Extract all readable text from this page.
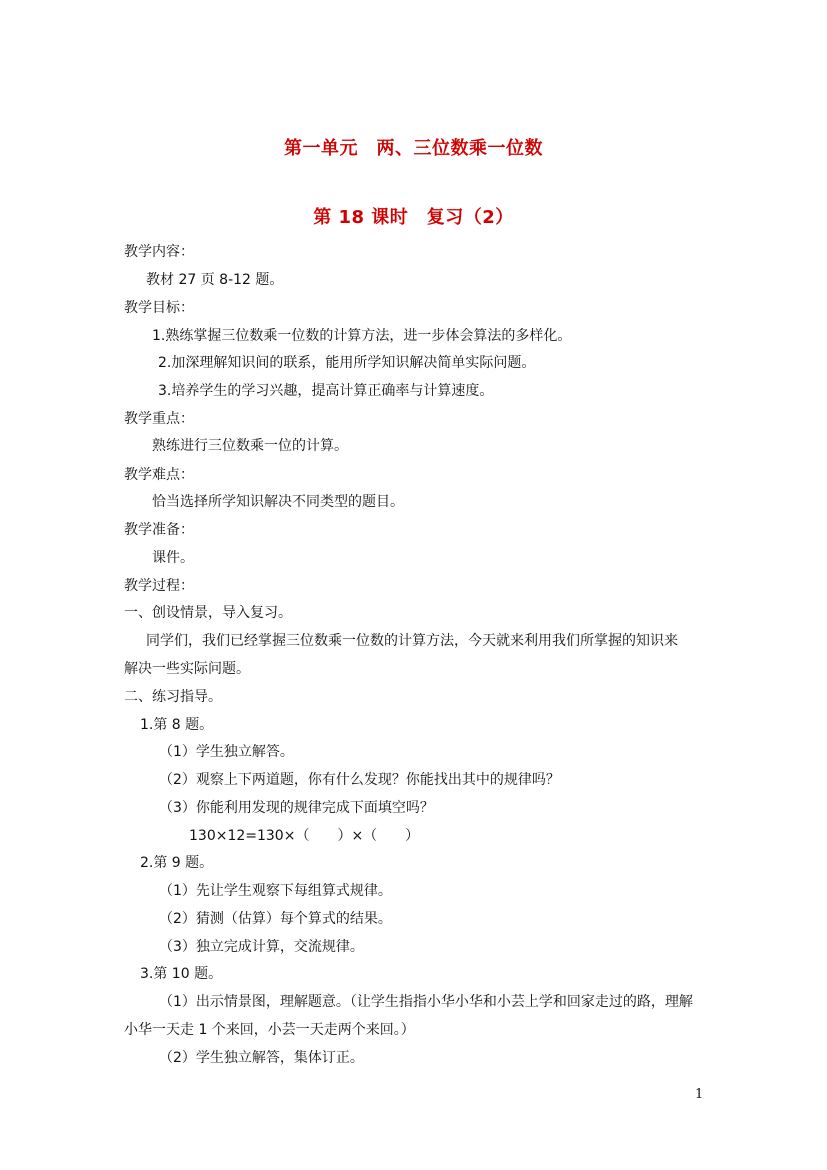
第一单元　两、三位数乘一位数
第 18 课时　复习（2）
教学内容：
教材 27 页 8-12 题。
教学目标：
1.熟练掌握三位数乘一位数的计算方法，进一步体会算法的多样化。
2.加深理解知识间的联系，能用所学知识解决简单实际问题。
3.培养学生的学习兴趣，提高计算正确率与计算速度。
教学重点：
熟练进行三位数乘一位的计算。
教学难点：
恰当选择所学知识解决不同类型的题目。
教学准备：
课件。
教学过程：
一、创设情景，导入复习。
同学们，我们已经掌握三位数乘一位数的计算方法，今天就来利用我们所掌握的知识来
解决一些实际问题。
二、练习指导。
1.第 8 题。
（1）学生独立解答。
（2）观察上下两道题，你有什么发现？你能找出其中的规律吗？
（3）你能利用发现的规律完成下面填空吗？
130×12=130×（　　）×（　　）
2.第 9 题。
（1）先让学生观察下每组算式规律。
（2）猜测（估算）每个算式的结果。
（3）独立完成计算，交流规律。
3.第 10 题。
（1）出示情景图，理解题意。（让学生指指小华小华和小芸上学和回家走过的路，理解
小华一天走 1 个来回，小芸一天走两个来回。）
（2）学生独立解答，集体订正。
1
